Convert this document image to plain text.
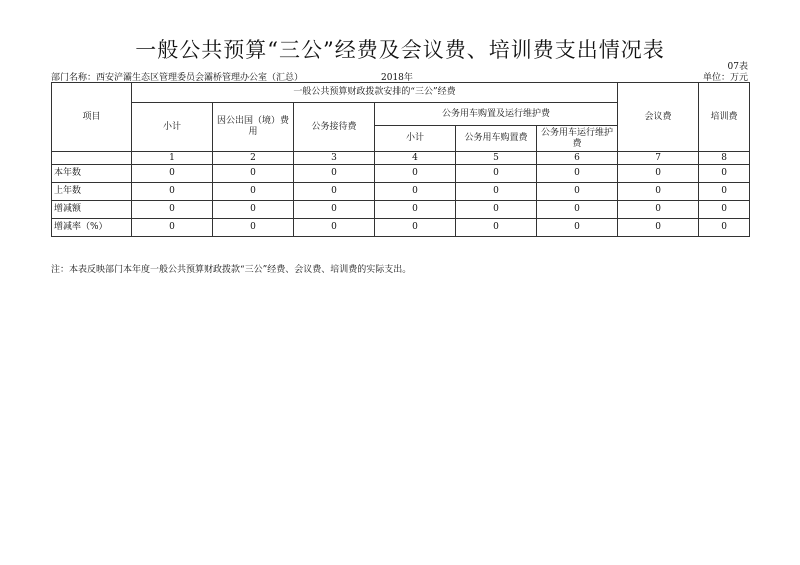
一般公共预算“三公”经费及会议费、培训费支出情况表
07表
部门名称：西安浐灞生态区管理委员会灞桥管理办公室（汇总）	2018年	单位：万元
项目	一般公共预算财政拨款安排的“三公”经费						会议费	培训费
	小计	因公出国（境）费用	公务接待费	公务用车购置及运行维护费				
				小计	公务用车购置费	公务用车运行维护费		
	1	2	3	4	5	6	7	8
本年数	0	0	0	0	0	0	0	0
上年数	0	0	0	0	0	0	0	0
增减额	0	0	0	0	0	0	0	0
增减率（%）	0	0	0	0	0	0	0	0
注：本表反映部门本年度一般公共预算财政拨款“三公”经费、会议费、培训费的实际支出。
